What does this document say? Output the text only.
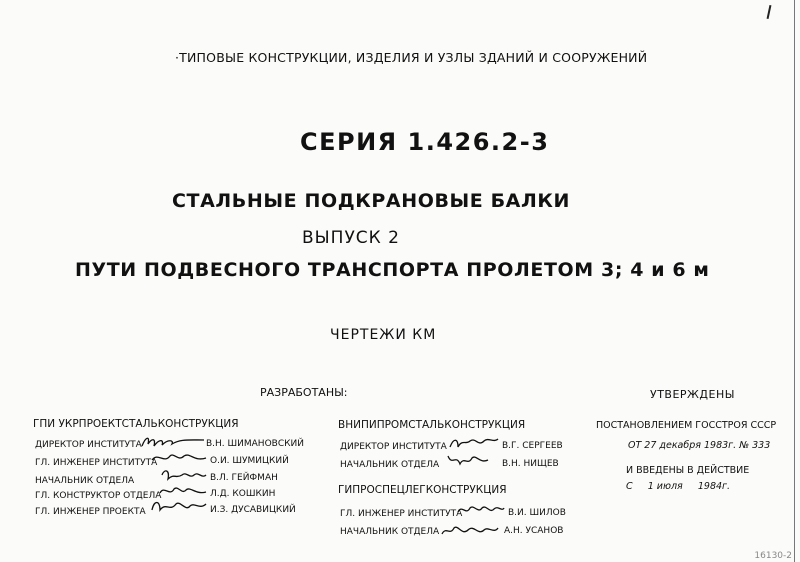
·ТИПОВЫЕ КОНСТРУКЦИИ, ИЗДЕЛИЯ И УЗЛЫ ЗДАНИЙ И СООРУЖЕНИЙ
СЕРИЯ 1.426.2-3
СТАЛЬНЫЕ ПОДКРАНОВЫЕ БАЛКИ
ВЫПУСК 2
ПУТИ ПОДВЕСНОГО ТРАНСПОРТА ПРОЛЕТОМ 3; 4 и 6 м
ЧЕРТЕЖИ КМ
РАЗРАБОТАНЫ:	УТВЕРЖДЕНЫ
ГПИ УКРПРОЕКТСТАЛЬКОНСТРУКЦИЯ
ДИРЕКТОР ИНСТИТУТА	В.Н. ШИМАНОВСКИЙ
ГЛ. ИНЖЕНЕР ИНСТИТУТА	О.И. ШУМИЦКИЙ
НАЧАЛЬНИК ОТДЕЛА	В.Л. ГЕЙФМАН
ГЛ. КОНСТРУКТОР ОТДЕЛА	Л.Д. КОШКИН
ГЛ. ИНЖЕНЕР ПРОЕКТА	И.З. ДУСАВИЦКИЙ
ВНИПИПРОМСТАЛЬКОНСТРУКЦИЯ
ДИРЕКТОР ИНСТИТУТА	В.Г. СЕРГЕЕВ
НАЧАЛЬНИК ОТДЕЛА	В.Н. НИЩЕВ
ГИПРОСПЕЦЛЕГКОНСТРУКЦИЯ
ГЛ. ИНЖЕНЕР ИНСТИТУТА	В.И. ШИЛОВ
НАЧАЛЬНИК ОТДЕЛА	А.Н. УСАНОВ
ПОСТАНОВЛЕНИЕМ ГОССТРОЯ СССР
ОТ 27 декабря 1983г. № 333
И ВВЕДЕНЫ В ДЕЙСТВИЕ
С     1 июля     1984г.
16130-2
